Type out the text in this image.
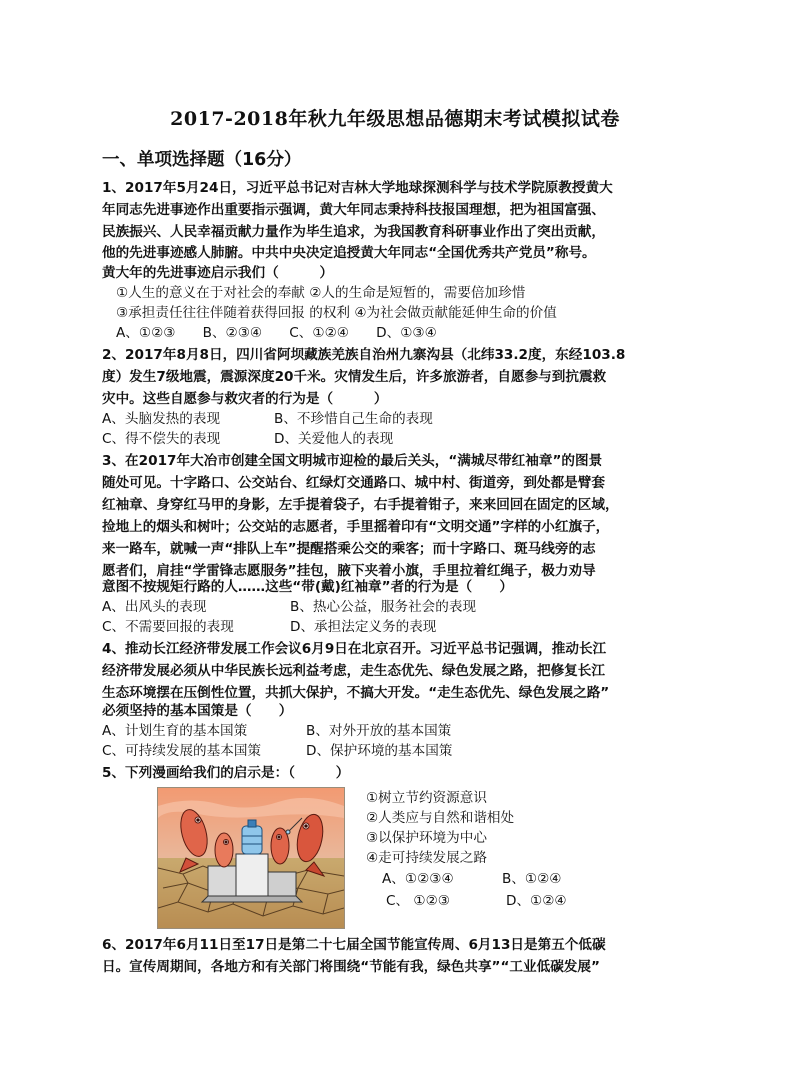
2017-2018年秋九年级思想品德期末考试模拟试卷
一、单项选择题（16分）
1、2017年5月24日，习近平总书记对吉林大学地球探测科学与技术学院原教授黄大
年同志先进事迹作出重要指示强调，黄大年同志秉持科技报国理想，把为祖国富强、
民族振兴、人民幸福贡献力量作为毕生追求，为我国教育科研事业作出了突出贡献，
他的先进事迹感人肺腑。中共中央决定追授黄大年同志“全国优秀共产党员”称号。
黄大年的先进事迹启示我们（　　　）
①人生的意义在于对社会的奉献 ②人的生命是短暂的，需要倍加珍惜
③承担责任往往伴随着获得回报 的权利 ④为社会做贡献能延伸生命的价值
A、①②③　　B、②③④　　C、①②④　　D、①③④
2、2017年8月8日，四川省阿坝藏族羌族自治州九寨沟县（北纬33.2度，东经103.8
度）发生7级地震，震源深度20千米。灾情发生后，许多旅游者，自愿参与到抗震救
灾中。这些自愿参与救灾者的行为是（　　　）
A、头脑发热的表现	B、不珍惜自己生命的表现
C、得不偿失的表现	D、关爱他人的表现
3、在2017年大冶市创建全国文明城市迎检的最后关头，“满城尽带红袖章”的图景
随处可见。十字路口、公交站台、红绿灯交通路口、城中村、街道旁，到处都是臂套
红袖章、身穿红马甲的身影，左手提着袋子，右手提着钳子，来来回回在固定的区域，
捡地上的烟头和树叶；公交站的志愿者，手里摇着印有“文明交通”字样的小红旗子，
来一路车，就喊一声“排队上车”提醒搭乘公交的乘客；而十字路口、斑马线旁的志
愿者们，肩挂“学雷锋志愿服务”挂包，腋下夹着小旗，手里拉着红绳子，极力劝导
意图不按规矩行路的人……这些“带(戴)红袖章”者的行为是（　　）
A、出风头的表现	B、热心公益，服务社会的表现
C、不需要回报的表现	D、承担法定义务的表现
4、推动长江经济带发展工作会议6月9日在北京召开。习近平总书记强调，推动长江
经济带发展必须从中华民族长远利益考虑，走生态优先、绿色发展之路，把修复长江
生态环境摆在压倒性位置，共抓大保护，不搞大开发。“走生态优先、绿色发展之路”
必须坚持的基本国策是（　　）
A、计划生育的基本国策	B、对外开放的基本国策
C、可持续发展的基本国策	D、保护环境的基本国策
5、下列漫画给我们的启示是：（　　　）
①树立节约资源意识
②人类应与自然和谐相处
③以保护环境为中心
④走可持续发展之路
A、①②③④	B、①②④
C、 ①②③	D、①②④
6、2017年6月11日至17日是第二十七届全国节能宣传周、6月13日是第五个低碳
日。宣传周期间，各地方和有关部门将围绕“节能有我，绿色共享”“工业低碳发展”
